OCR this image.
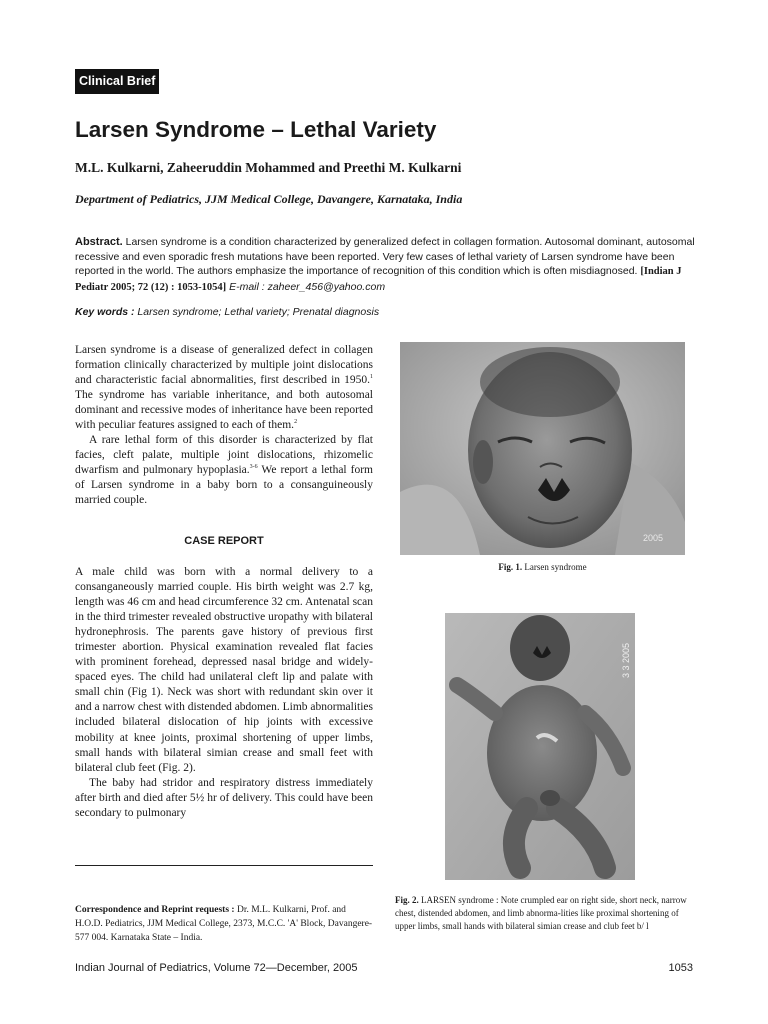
Clinical Brief
Larsen Syndrome – Lethal Variety

M.L. Kulkarni, Zaheeruddin Mohammed and Preethi M. Kulkarni

Department of Pediatrics, JJM Medical College, Davangere, Karnataka, India

Abstract. Larsen syndrome is a condition characterized by generalized defect in collagen formation. Autosomal dominant, autosomal recessive and even sporadic fresh mutations have been reported. Very few cases of lethal variety of Larsen syndrome have been reported in the world. The authors emphasize the importance of recognition of this condition which is often misdiagnosed. [Indian J Pediatr 2005; 72 (12) : 1053-1054] E-mail : zaheer_456@yahoo.com

Key words : Larsen syndrome; Lethal variety; Prenatal diagnosis

Larsen syndrome is a disease of generalized defect in collagen formation clinically characterized by multiple joint dislocations and characteristic facial abnormalities, first described in 1950.$^1$ The syndrome has variable inheritance, and both autosomal dominant and recessive modes of inheritance have been reported with peculiar features assigned to each of them.$^2$

A rare lethal form of this disorder is characterized by flat facies, cleft palate, multiple joint dislocations, rhizomelic dwarfism and pulmonary hypoplasia.$^{3-6}$ We report a lethal form of Larsen syndrome in a baby born to a consanguineously married couple.

CASE REPORT

A male child was born with a normal delivery to a consanganeously married couple. His birth weight was 2.7 kg, length was 46 cm and head circumference 32 cm. Antenatal scan in the third trimester revealed obstructive uropathy with bilateral hydronephrosis. The parents gave history of previous first trimester abortion. Physical examination revealed flat facies with prominent forehead, depressed nasal bridge and widely-spaced eyes. The child had unilateral cleft lip and palate with small chin (Fig 1). Neck was short with redundant skin over it and a narrow chest with distended abdomen. Limb abnormalities included bilateral dislocation of hip joints with excessive mobility at knee joints, proximal shortening of upper limbs, small hands with bilateral simian crease and small feet with bilateral club feet (Fig. 2).

The baby had stridor and respiratory distress immediately after birth and died after 5½ hr of delivery. This could have been secondary to pulmonary

Correspondence and Reprint requests : Dr. M.L. Kulkarni, Prof. and H.O.D. Pediatrics, JJM Medical College, 2373, M.C.C. 'A' Block, Davangere- 577 004. Karnataka State – India.

2005

Fig. 1. Larsen syndrome

3 3 2005

Fig. 2. LARSEN syndrome : Note crumpled ear on right side, short neck, narrow chest, distended abdomen, and limb abnorma-lities like proximal shortening of upper limbs, small hands with bilateral simian crease and club feet b/ l

Indian Journal of Pediatrics, Volume 72—December, 2005	1053
